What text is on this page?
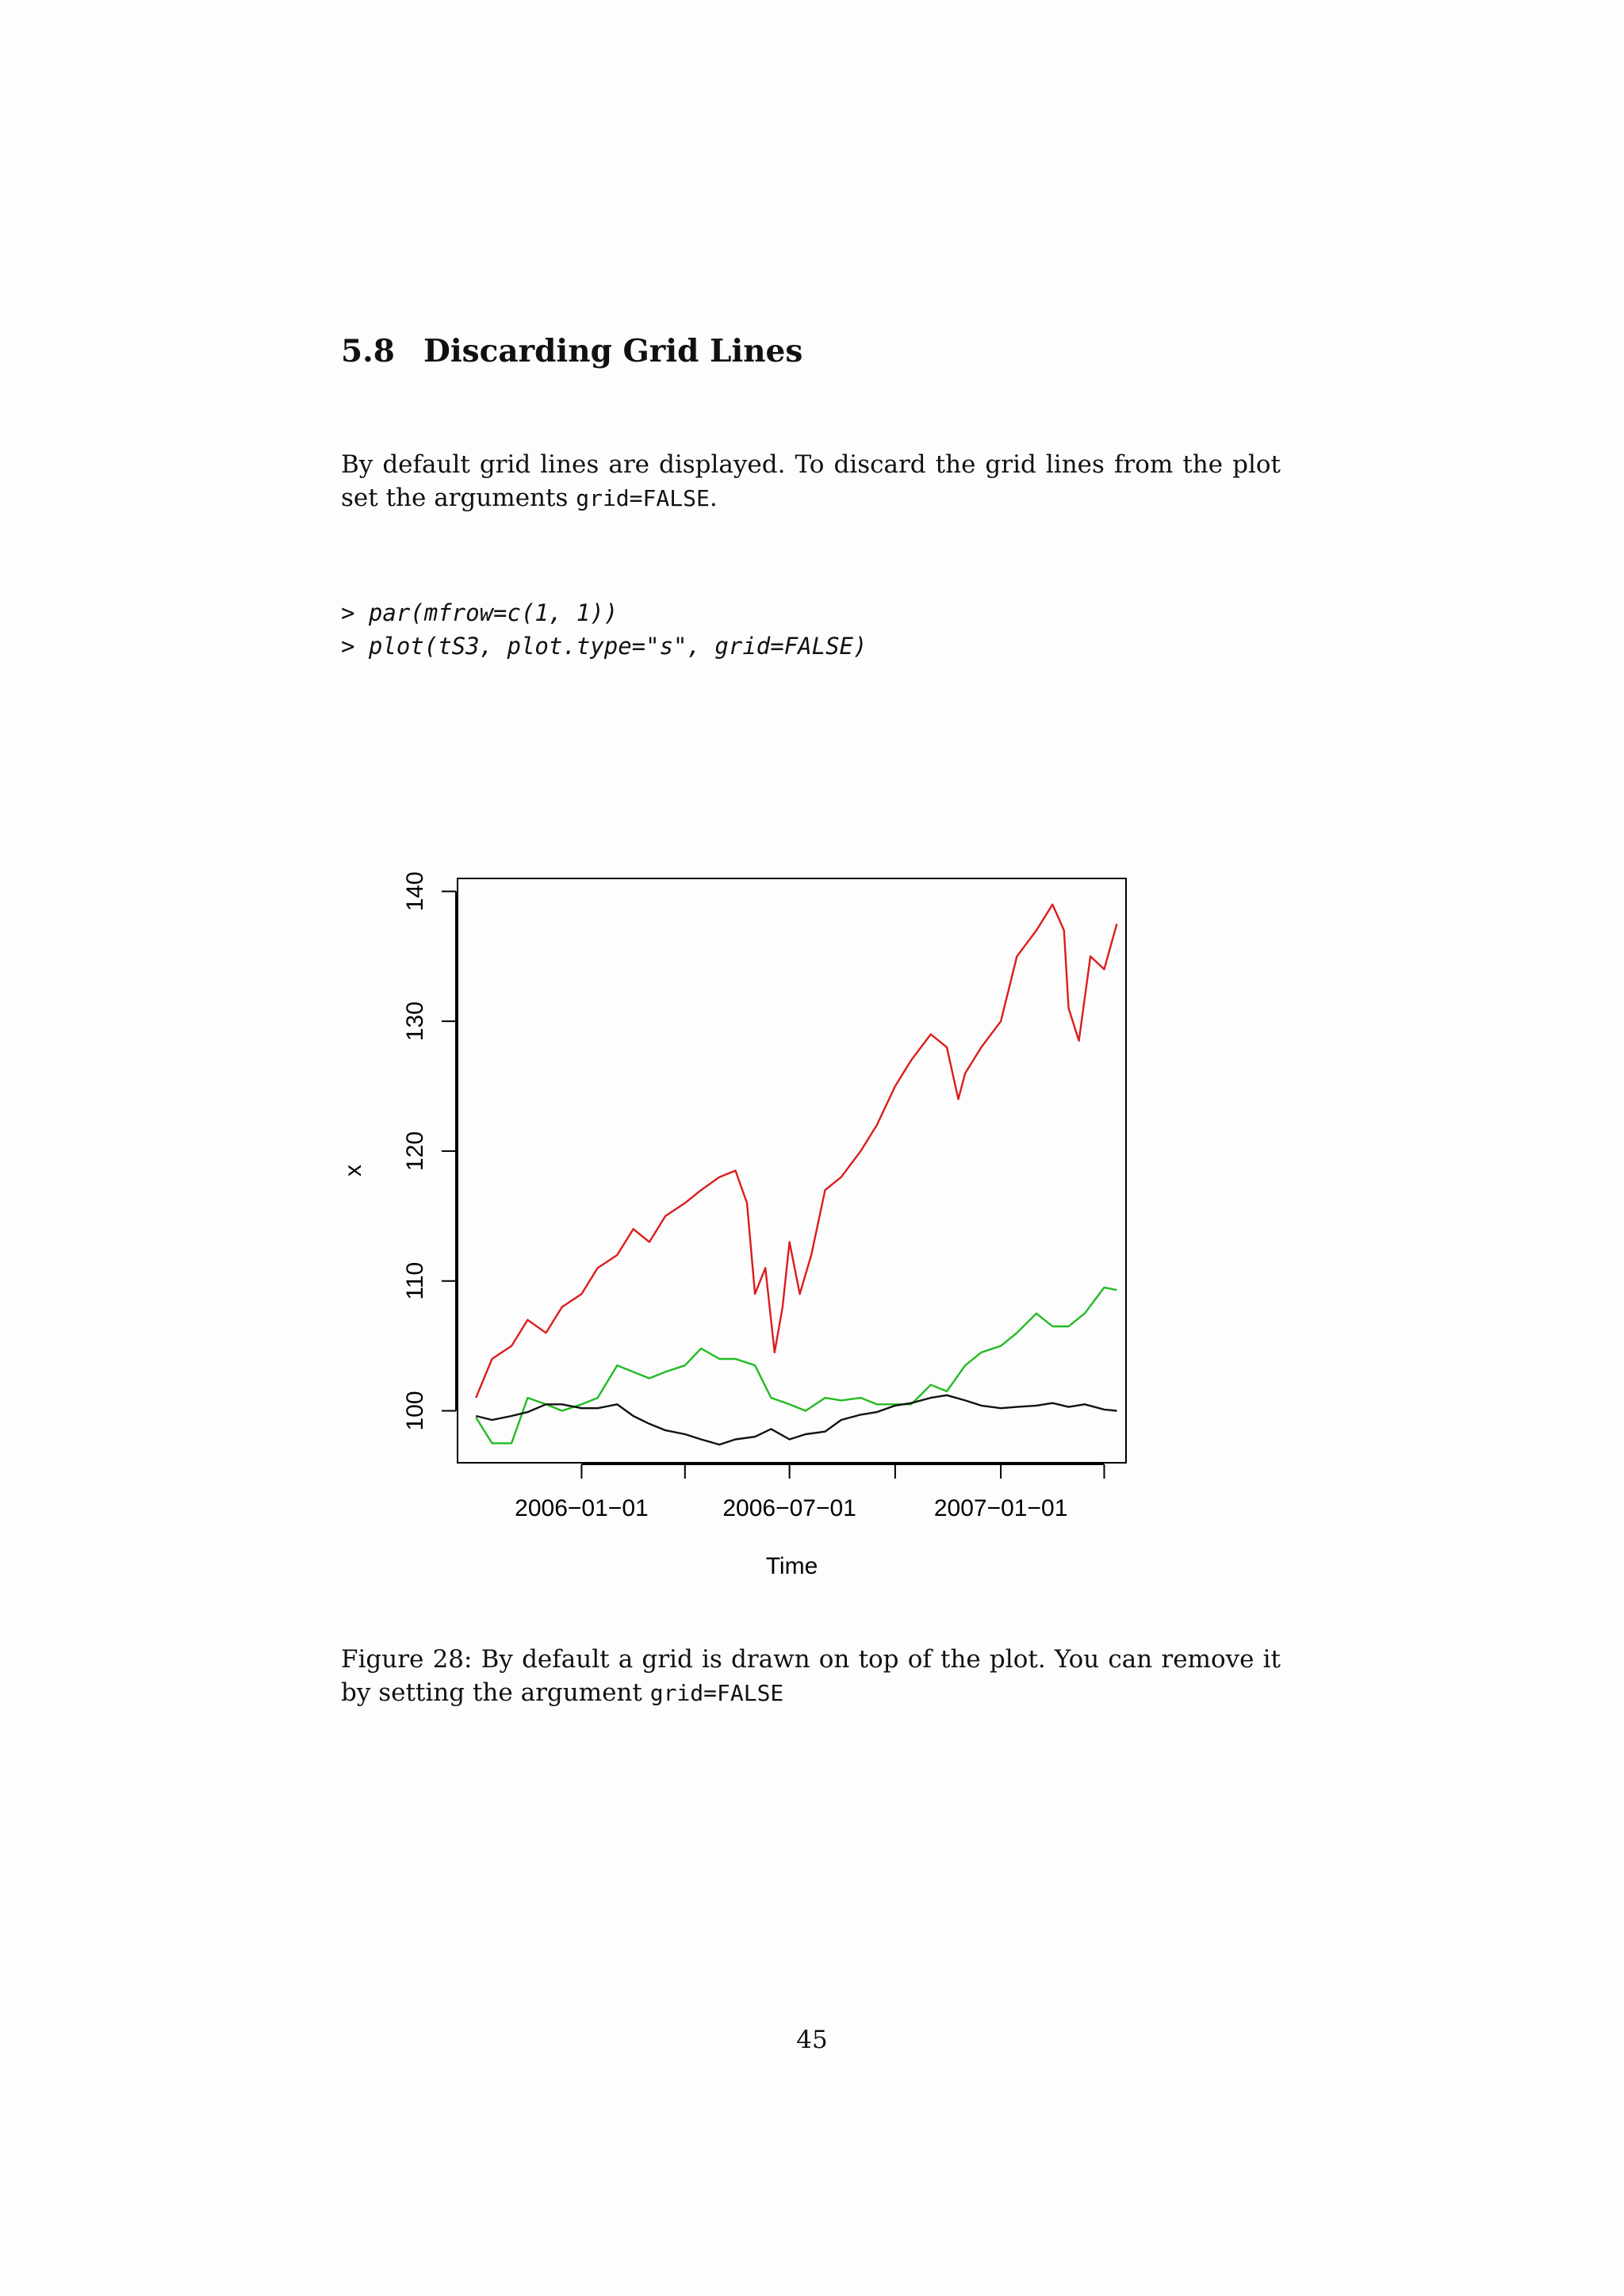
5.8 Discarding Grid Lines

By default grid lines are displayed. To discard the grid lines from the plot set the arguments grid=FALSE.

> par(mfrow=c(1, 1))
> plot(tS3, plot.type="s", grid=FALSE)
2006−01−01	2006−07−01	2007−01−01
100
110
120
130
140
Time
x

Figure 28: By default a grid is drawn on top of the plot. You can remove it by setting the argument grid=FALSE

45
